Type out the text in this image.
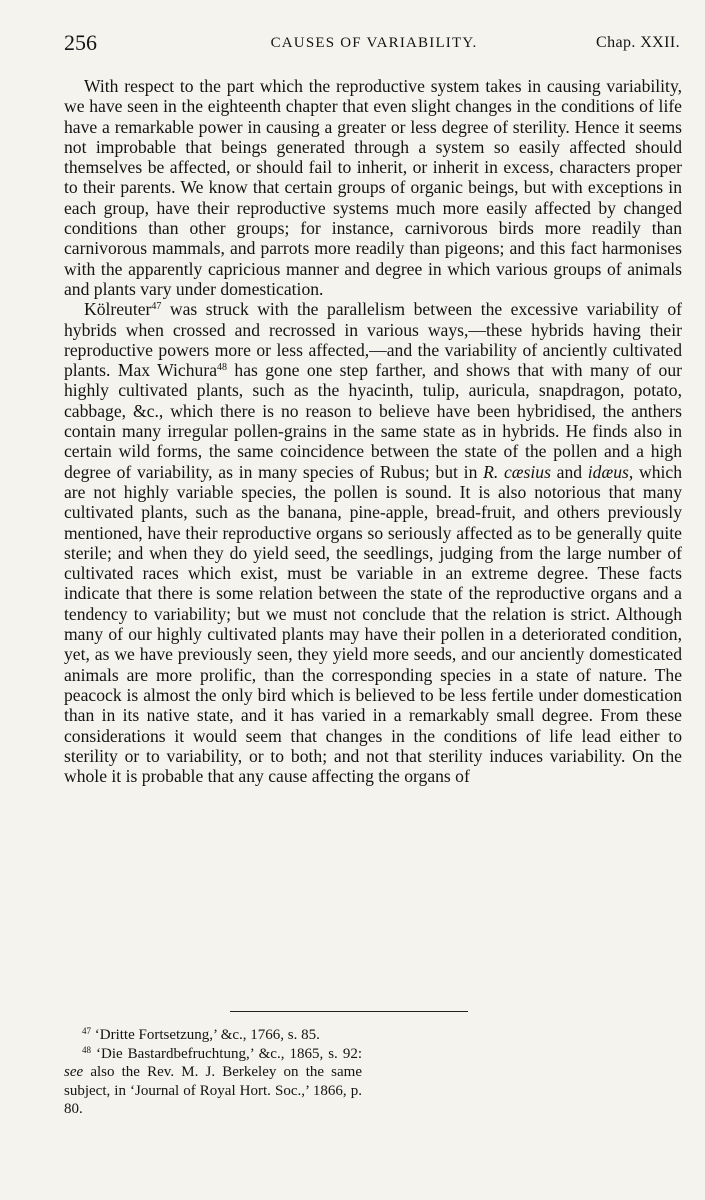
256	CAUSES OF VARIABILITY.	Chap. XXII.

With respect to the part which the reproductive system takes in causing variability, we have seen in the eighteenth chapter that even slight changes in the conditions of life have a remarkable power in causing a greater or less degree of sterility. Hence it seems not improbable that beings generated through a system so easily affected should themselves be affected, or should fail to inherit, or inherit in excess, characters proper to their parents. We know that certain groups of organic beings, but with exceptions in each group, have their reproductive systems much more easily affected by changed conditions than other groups; for instance, carnivorous birds more readily than carnivorous mammals, and parrots more readily than pigeons; and this fact harmonises with the apparently capricious manner and degree in which various groups of animals and plants vary under domestication.

Kölreuter$^{47}$ was struck with the parallelism between the excessive variability of hybrids when crossed and recrossed in various ways,—these hybrids having their reproductive powers more or less affected,—and the variability of anciently cultivated plants. Max Wichura$^{48}$ has gone one step farther, and shows that with many of our highly cultivated plants, such as the hyacinth, tulip, auricula, snapdragon, potato, cabbage, &c., which there is no reason to believe have been hybridised, the anthers contain many irregular pollen-grains in the same state as in hybrids. He finds also in certain wild forms, the same coincidence between the state of the pollen and a high degree of variability, as in many species of Rubus; but in R. cæsius and idæus, which are not highly variable species, the pollen is sound. It is also notorious that many cultivated plants, such as the banana, pine-apple, bread-fruit, and others previously mentioned, have their reproductive organs so seriously affected as to be generally quite sterile; and when they do yield seed, the seedlings, judging from the large number of cultivated races which exist, must be variable in an extreme degree. These facts indicate that there is some relation between the state of the reproductive organs and a tendency to variability; but we must not conclude that the relation is strict. Although many of our highly cultivated plants may have their pollen in a deteriorated condition, yet, as we have previously seen, they yield more seeds, and our anciently domesticated animals are more prolific, than the corresponding species in a state of nature. The peacock is almost the only bird which is believed to be less fertile under domestication than in its native state, and it has varied in a remarkably small degree. From these considerations it would seem that changes in the conditions of life lead either to sterility or to variability, or to both; and not that sterility induces variability. On the whole it is probable that any cause affecting the organs of

$^{47}$ ‘Dritte Fortsetzung,’ &c., 1766, s. 85.

$^{48}$ ‘Die Bastardbefruchtung,’ &c., 1865, s. 92: see also the Rev. M. J. Berkeley on the same subject, in ‘Journal of Royal Hort. Soc.,’ 1866, p. 80.
